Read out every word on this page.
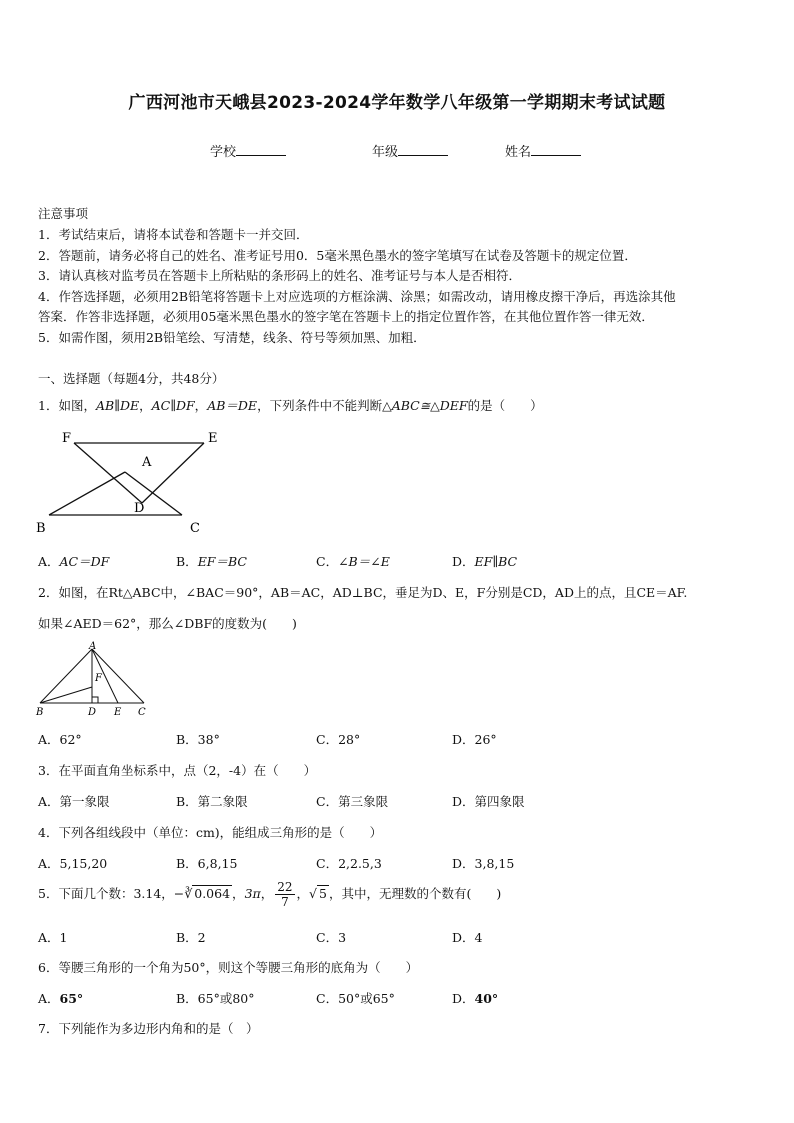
广西河池市天峨县2023-2024学年数学八年级第一学期期末考试试题
学校	年级	姓名
注意事项
1．考试结束后，请将本试卷和答题卡一并交回．
2．答题前，请务必将自己的姓名、准考证号用0．5毫米黑色墨水的签字笔填写在试卷及答题卡的规定位置．
3．请认真核对监考员在答题卡上所粘贴的条形码上的姓名、准考证号与本人是否相符．
4．作答选择题，必须用2B铅笔将答题卡上对应选项的方框涂满、涂黑；如需改动，请用橡皮擦干净后，再选涂其他
答案．作答非选择题，必须用05毫米黑色墨水的签字笔在答题卡上的指定位置作答，在其他位置作答一律无效．
5．如需作图，须用2B铅笔绘、写清楚，线条、符号等须加黑、加粗．
一、选择题（每题4分，共48分）
1．如图，AB∥DE，AC∥DF，AB＝DE，下列条件中不能判断△ABC≅△DEF的是（　　）
F	E
A
D
B	C
A．AC＝DF	B．EF＝BC	C．∠B＝∠E	D．EF∥BC
2．如图，在Rt△ABC中，∠BAC＝90°，AB＝AC，AD⊥BC，垂足为D、E，F分别是CD，AD上的点，且CE＝AF.
如果∠AED＝62°，那么∠DBF的度数为(　　)
A
F
B	D E C
A．62°	B．38°	C．28°	D．26°
3．在平面直角坐标系中，点（2，-4）在（　　）
A．第一象限	B．第二象限	C．第三象限	D．第四象限
4．下列各组线段中（单位：cm)，能组成三角形的是（　　）
A．5,15,20	B．6,8,15	C．2,2.5,3	D．3,8,15
5．下面几个数：3.14，−∛ 0.064 ，3π， $\frac{22}{7}$ ，√ 5 ，其中，无理数的个数有(　　)
A．1	B．2	C．3	D．4
6．等腰三角形的一个角为50°，则这个等腰三角形的底角为（　　）
A．65°	B．65°或80°	C．50°或65°	D．40°
7．下列能作为多边形内角和的是（　）
